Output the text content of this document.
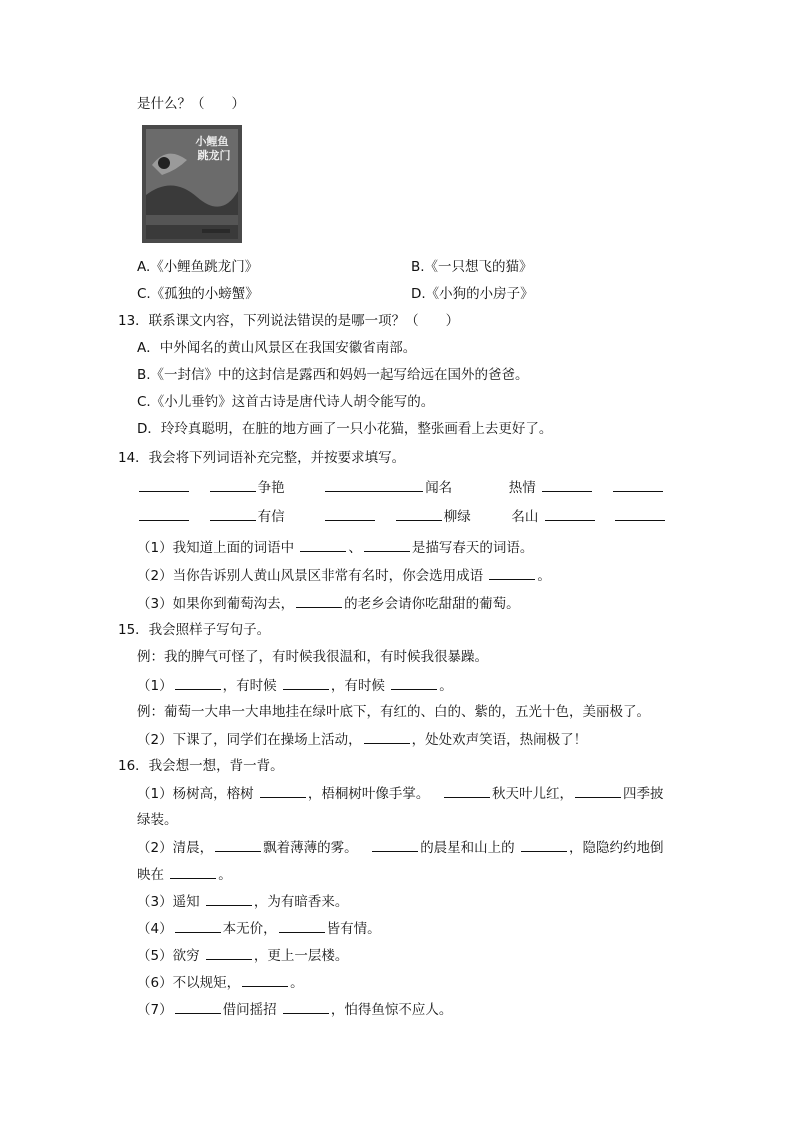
是什么？（　　）
小鲤鱼
跳龙门
A.《小鲤鱼跳龙门》	B.《一只想飞的猫》
C.《孤独的小螃蟹》	D.《小狗的小房子》
13．联系课文内容，下列说法错误的是哪一项？（　　）
A．中外闻名的黄山风景区在我国安徽省南部。
B.《一封信》中的这封信是露西和妈妈一起写给远在国外的爸爸。
C.《小儿垂钓》这首古诗是唐代诗人胡令能写的。
D．玲玲真聪明，在脏的地方画了一只小花猫，整张画看上去更好了。
14．我会将下列词语补充完整，并按要求填写。
争艳	闻名	热情
有信	柳绿	名山
（1）我知道上面的词语中	、	是描写春天的词语。
（2）当你告诉别人黄山风景区非常有名时，你会选用成语	。
（3）如果你到葡萄沟去，	的老乡会请你吃甜甜的葡萄。
15．我会照样子写句子。
例：我的脾气可怪了，有时候我很温和，有时候我很暴躁。
（1）	，有时候	，有时候	。
例：葡萄一大串一大串地挂在绿叶底下，有红的、白的、紫的，五光十色，美丽极了。
（2）下课了，同学们在操场上活动，	，处处欢声笑语，热闹极了！
16．我会想一想，背一背。
（1）杨树高，榕树	，梧桐树叶像手掌。	秋天叶儿红，	四季披
绿装。
（2）清晨，	飘着薄薄的雾。	的晨星和山上的	，隐隐约约地倒
映在	。
（3）遥知	，为有暗香来。
（4）	本无价，	皆有情。
（5）欲穷	，更上一层楼。
（6）不以规矩，	。
（7）	借问摇招	，怕得鱼惊不应人。
